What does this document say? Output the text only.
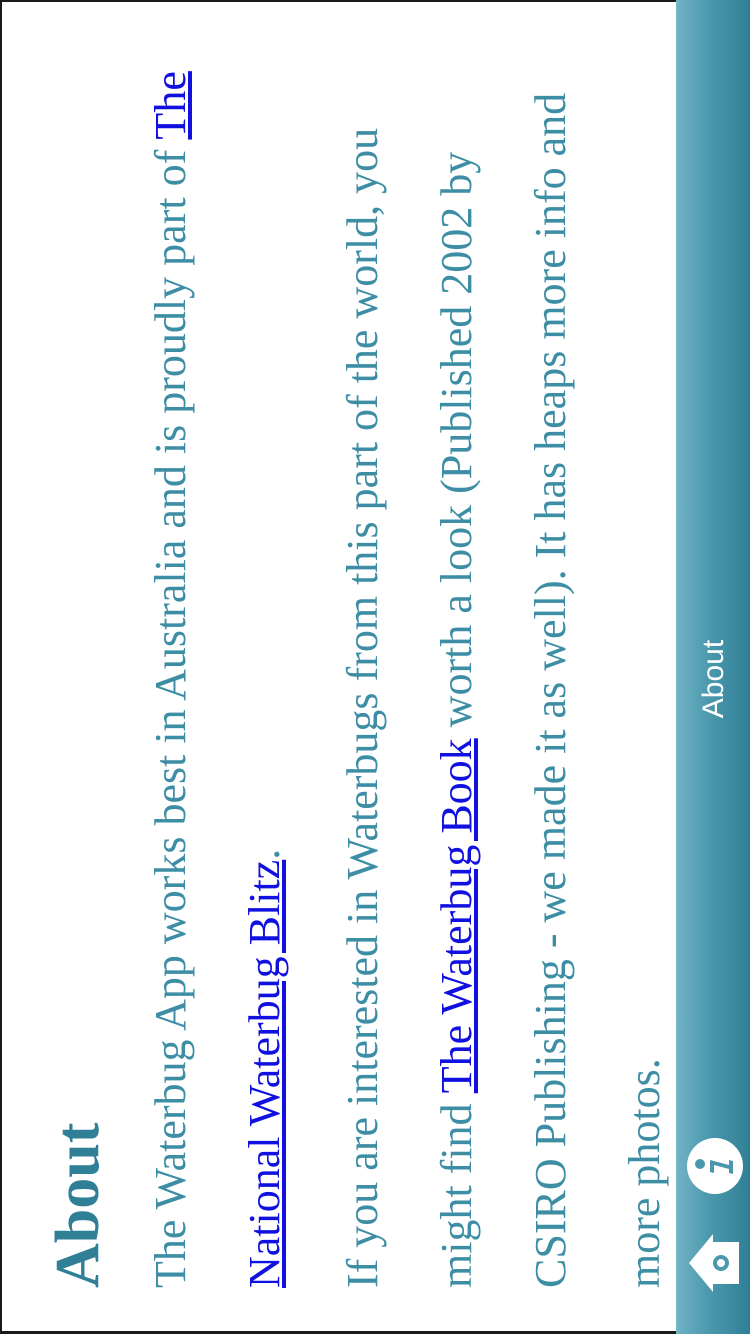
About The Waterbug App works best in Australia and is proudly part of The National Waterbug Blitz.	If you are interested in Waterbugs from this part of the world, you might find The Waterbug Book worth a look (Published 2002 by CSIRO Publishing - we made it as well). It has heaps more info and more photos.

About
